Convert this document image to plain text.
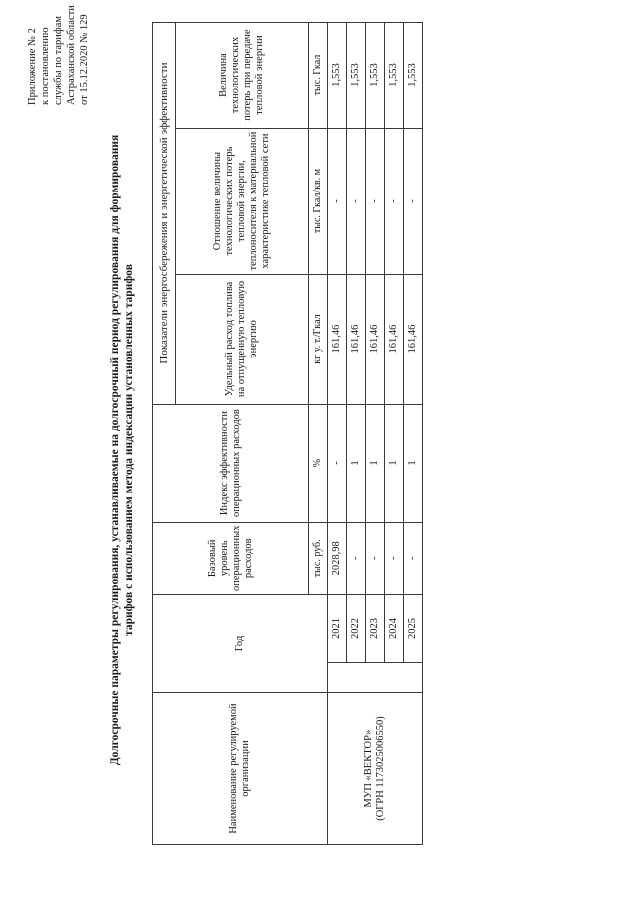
Приложение № 2 к постановлению службы по тарифам Астраханской области от 15.12.2020 № 129
Долгосрочные параметры регулирования, устанавливаемые на долгосрочный период регулирования для формирования тарифов с использованием метода индексации установленных тарифов
Наименование регулируемой организации	Год		Базовый уровень операционных расходов	Индекс эффективности операционных расходов	Показатели энергосбережения и энергетической эффективности		
					Удельный расход топлива на отпущенную тепловую энергию	Отношение величины технологических потерь тепловой энергии, теплоносителя к материальной характеристике тепловой сети	Величина технологических потерь при передаче тепловой энергии
			тыс. руб.	%	кг у. т./Гкал	тыс. Гкал/кв. м	тыс. Гкал

МУП «ВЕКТОР» (ОГРН 1173025006550)		2021	2028,98	-	161,46	-	1,553
		2022	-	1	161,46	-	1,553
		2023	-	1	161,46	-	1,553
		2024	-	1	161,46	-	1,553
		2025	-	1	161,46	-	1,553
